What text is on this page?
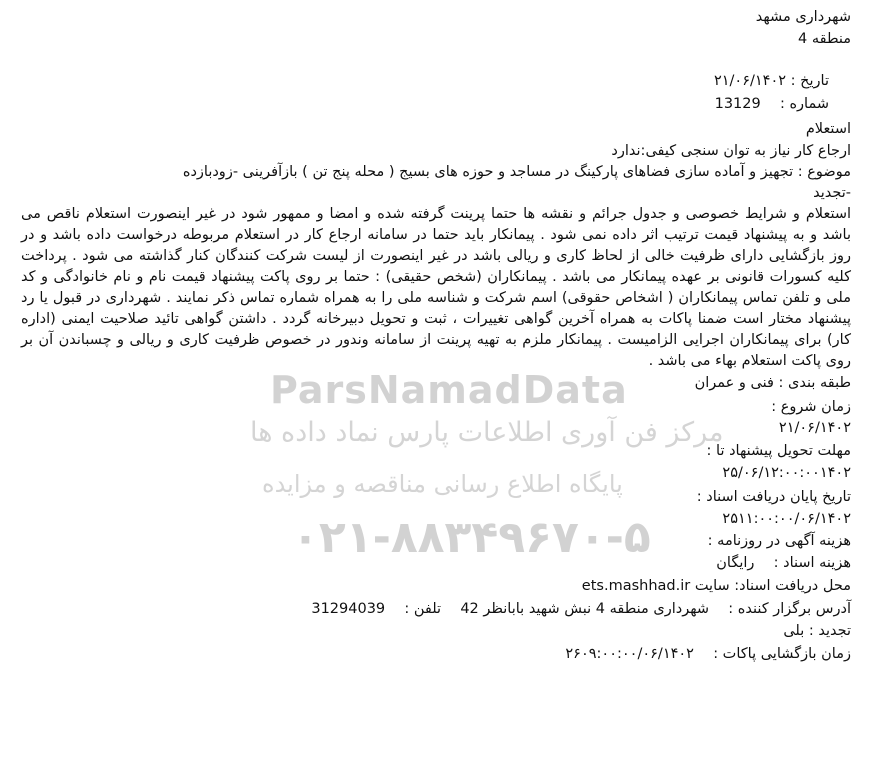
شهرداری مشهد

منطقه 4

تاریخ : ۲۱/۰۶/۱۴۰۲

شماره :  13129

استعلام

ارجاع کار نیاز به توان سنجی کیفی:ندارد

موضوع : تجهیز و آماده سازی فضاهای پارکینگ در مساجد و حوزه های بسیج ( محله پنج تن ) بازآفرینی -زودبازده

-تجدید

استعلام و شرایط خصوصی و جدول جرائم و نقشه ها حتما پرینت گرفته شده و امضا و ممهور شود در غیر اینصورت استعلام ناقص می باشد و به پیشنهاد قیمت ترتیب اثر داده نمی شود . پیمانکار باید حتما در سامانه ارجاع کار در استعلام مربوطه درخواست داده باشد و در روز بازگشایی دارای ظرفیت خالی از لحاظ کاری و ریالی باشد در غیر اینصورت از لیست شرکت کنندگان کنار گذاشته می شود . پرداخت کلیه کسورات قانونی بر عهده پیمانکار می باشد . پیمانکاران (شخص حقیقی) : حتما بر روی پاکت پیشنهاد قیمت نام و نام خانوادگی و کد ملی و تلفن تماس پیمانکاران ( اشخاص حقوقی) اسم شرکت و شناسه ملی را به همراه شماره تماس ذکر نمایند . شهرداری در قبول یا رد پیشنهاد مختار است ضمنا پاکات به همراه آخرین گواهی تغییرات ، ثبت و تحویل دبیرخانه گردد . داشتن گواهی تائید صلاحیت ایمنی (اداره کار) برای پیمانکاران اجرایی الزامیست . پیمانکار ملزم به تهیه پرینت از سامانه وندور در خصوص ظرفیت کاری و ریالی و چسباندن آن بر روی پاکت استعلام بهاء می باشد .

طبقه بندی : فنی و عمران

زمان شروع :

۲۱/۰۶/۱۴۰۲

مهلت تحویل پیشنهاد تا :

۲۵/۰۶/۱۲:۰۰:۰۰۱۴۰۲

تاریخ پایان دریافت اسناد :

۲۵۱۱:۰۰:۰۰/۰۶/۱۴۰۲

هزینه آگهی در روزنامه :

هزینه اسناد :  رایگان

محل دریافت اسناد: سایت ets.mashhad.ir

آدرس برگزار کننده :  شهرداری منطقه 4 نبش شهید بابانظر 42  تلفن :  31294039

تجدید : بلی

زمان بازگشایی پاکات :  ۲۶۰۹:۰۰:۰۰/۰۶/۱۴۰۲

ParsNamadData
مرکز فن آوری اطلاعات پارس نماد داده ها
پایگاه اطلاع رسانی مناقصه و مزایده
۰۲۱-۸۸۳۴۹۶۷۰-۵
